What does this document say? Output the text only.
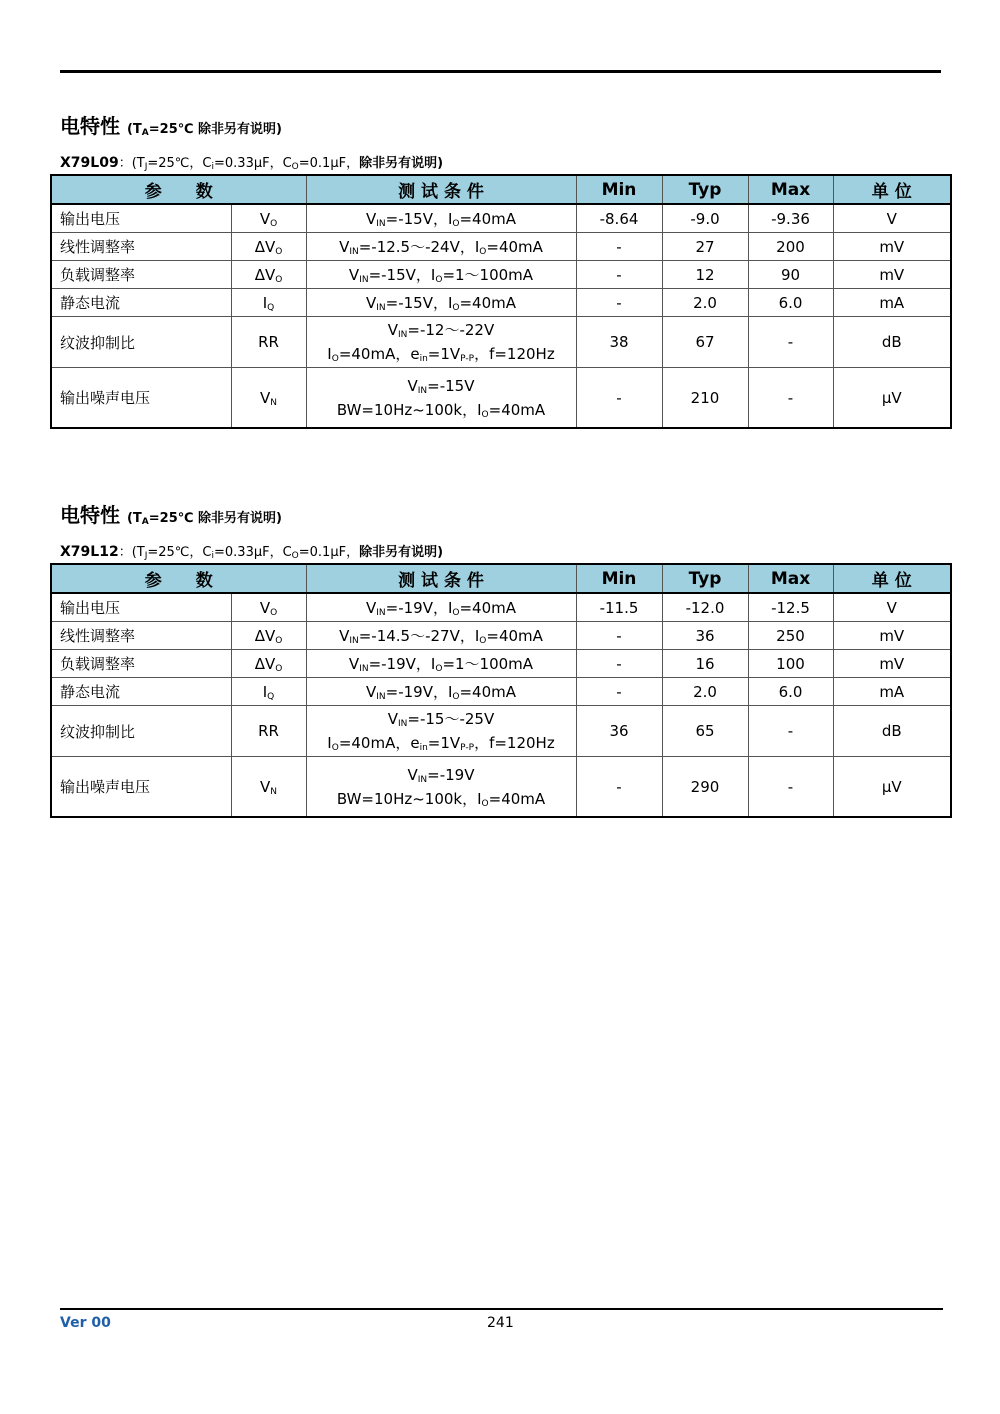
电特性 ($T_A=25℃$ 除非另有说明)
X79L09：($T_J=25℃$，$C_i=0.33\mu F$，$C_O=0.1\mu F$，除非另有说明)
参　　数		测 试 条 件	Min	Typ	Max	单 位
输出电压	$V_O$	$V_{IN}=-15V$，$I_O=40mA$	-8.64	-9.0	-9.36	V
线性调整率	$\Delta V_O$	$V_{IN}=-12.5\sim-24V$，$I_O=40mA$	-	27	200	mV
负载调整率	$\Delta V_O$	$V_{IN}=-15V$，$I_O=1\sim 100mA$	-	12	90	mV
静态电流	$I_Q$	$V_{IN}=-15V$，$I_O=40mA$	-	2.0	6.0	mA
纹波抑制比	RR	$V_{IN}=-12\sim-22V$
$I_O=40mA$，$e_{in}=1V_{P-P}$，f=120Hz	38	67	-	dB
输出噪声电压	$V_N$	$V_{IN}=-15V$
BW=10Hz~100k，$I_O=40mA$	-	210	-	μV
电特性 ($T_A=25℃$ 除非另有说明)
X79L12：($T_J=25℃$，$C_i=0.33\mu F$，$C_O=0.1\mu F$，除非另有说明)
参　　数		测 试 条 件	Min	Typ	Max	单 位
输出电压	$V_O$	$V_{IN}=-19V$，$I_O=40mA$	-11.5	-12.0	-12.5	V
线性调整率	$\Delta V_O$	$V_{IN}=-14.5\sim-27V$，$I_O=40mA$	-	36	250	mV
负载调整率	$\Delta V_O$	$V_{IN}=-19V$，$I_O=1\sim 100mA$	-	16	100	mV
静态电流	$I_Q$	$V_{IN}=-19V$，$I_O=40mA$	-	2.0	6.0	mA
纹波抑制比	RR	$V_{IN}=-15\sim-25V$
$I_O=40mA$，$e_{in}=1V_{P-P}$，f=120Hz	36	65	-	dB
输出噪声电压	$V_N$	$V_{IN}=-19V$
BW=10Hz~100k，$I_O=40mA$	-	290	-	μV
Ver 00	241
